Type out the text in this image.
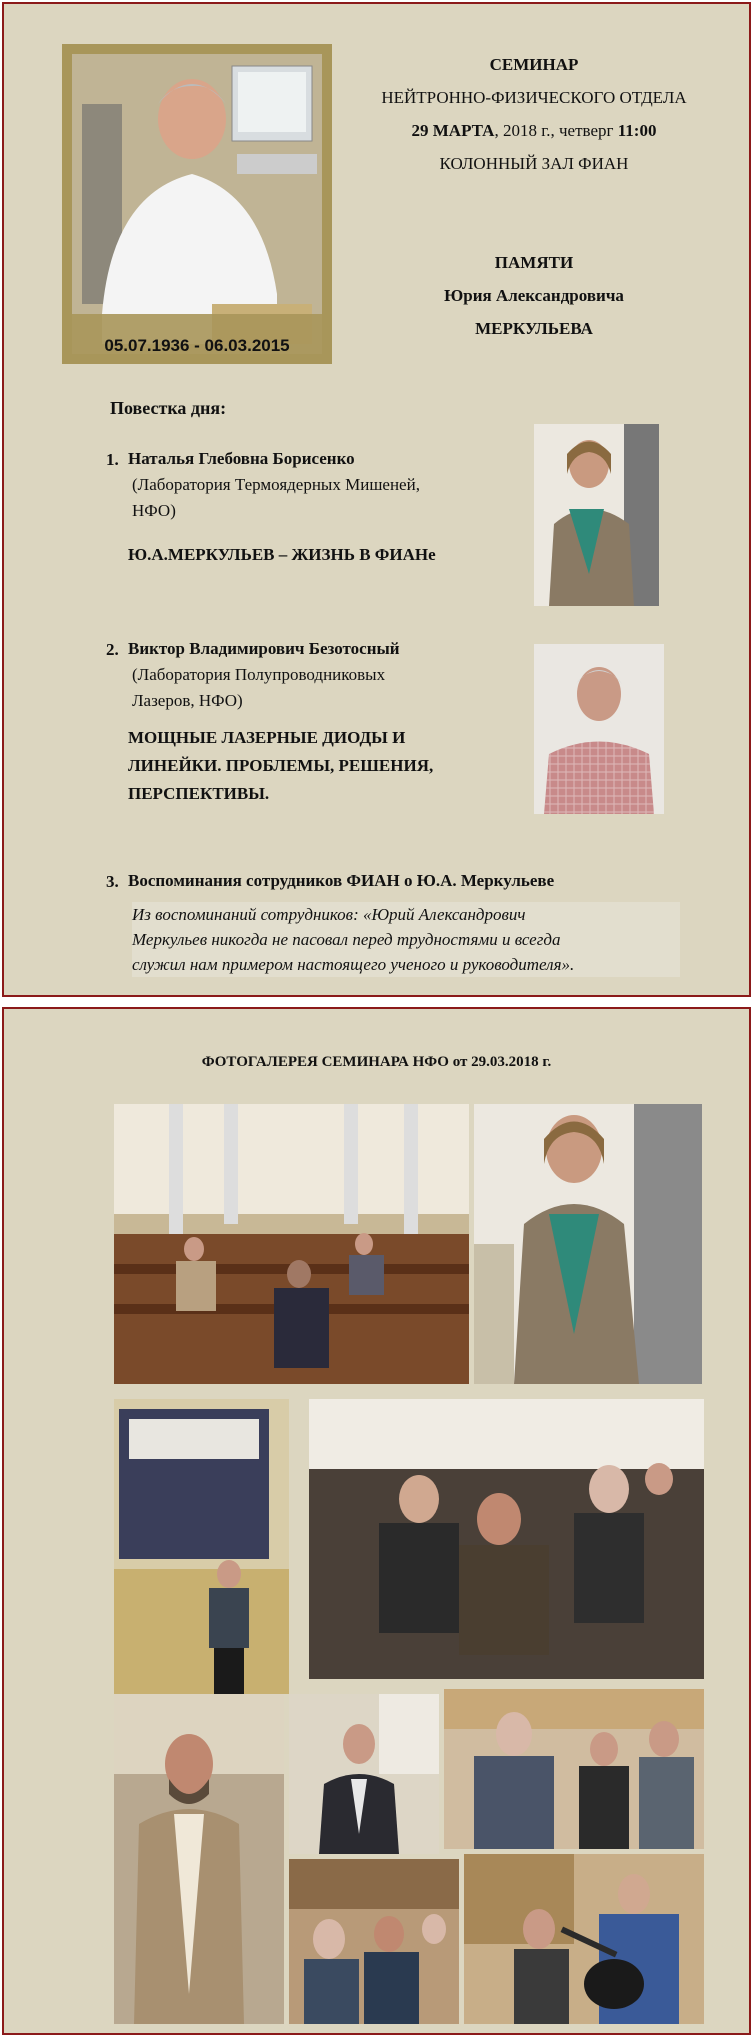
05.07.1936 - 06.03.2015
СЕМИНАР
НЕЙТРОННО-ФИЗИЧЕСКОГО ОТДЕЛА
29 МАРТА, 2018 г., четверг 11:00
КОЛОННЫЙ ЗАЛ ФИАН
ПАМЯТИ
Юрия Александровича
МЕРКУЛЬЕВА
Повестка дня:
1. Наталья Глебовна Борисенко
(Лаборатория Термоядерных Мишеней,
НФО)
Ю.А.МЕРКУЛЬЕВ – ЖИЗНЬ В ФИАНе
2. Виктор Владимирович Безотосный
(Лаборатория Полупроводниковых
Лазеров, НФО)
МОЩНЫЕ ЛАЗЕРНЫЕ ДИОДЫ И
ЛИНЕЙКИ. ПРОБЛЕМЫ, РЕШЕНИЯ,
ПЕРСПЕКТИВЫ.
3. Воспоминания сотрудников ФИАН о Ю.А. Меркульеве
Из воспоминаний сотрудников: «Юрий Александрович
Меркульев никогда не пасовал перед трудностями и всегда
служил нам примером настоящего ученого и руководителя».
ФОТОГАЛЕРЕЯ СЕМИНАРА НФО от 29.03.2018 г.
